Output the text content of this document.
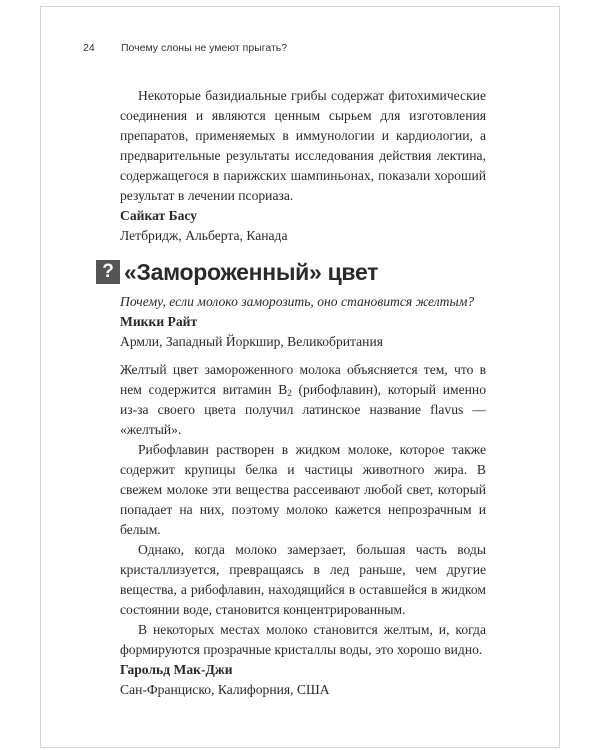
24	Почему слоны не умеют прыгать?

Некоторые базидиальные грибы содержат фитохимические соединения и являются ценным сырьем для изготовления препаратов, применяемых в иммунологии и кардиологии, а предварительные результаты исследования действия лектина, содержащегося в парижских шампиньонах, показали хороший результат в лечении псориаза.

Сайкат Басу

Летбридж, Альберта, Канада

? «Замороженный» цвет

Почему, если молоко заморозить, оно становится желтым?

Микки Райт

Армли, Западный Йоркшир, Великобритания

Желтый цвет замороженного молока объясняется тем, что в нем содержится витамин $B_2$ (рибофлавин), который именно из-за своего цвета получил латинское название flavus — «желтый».

Рибофлавин растворен в жидком молоке, которое также содержит крупицы белка и частицы животного жира. В свежем молоке эти вещества рассеивают любой свет, который попадает на них, поэтому молоко кажется непрозрачным и белым.

Однако, когда молоко замерзает, большая часть воды кристаллизуется, превращаясь в лед раньше, чем другие вещества, а рибофлавин, находящийся в оставшейся в жидком состоянии воде, становится концентрированным.

В некоторых местах молоко становится желтым, и, когда формируются прозрачные кристаллы воды, это хорошо видно.

Гарольд Мак-Джи

Сан-Франциско, Калифорния, США
